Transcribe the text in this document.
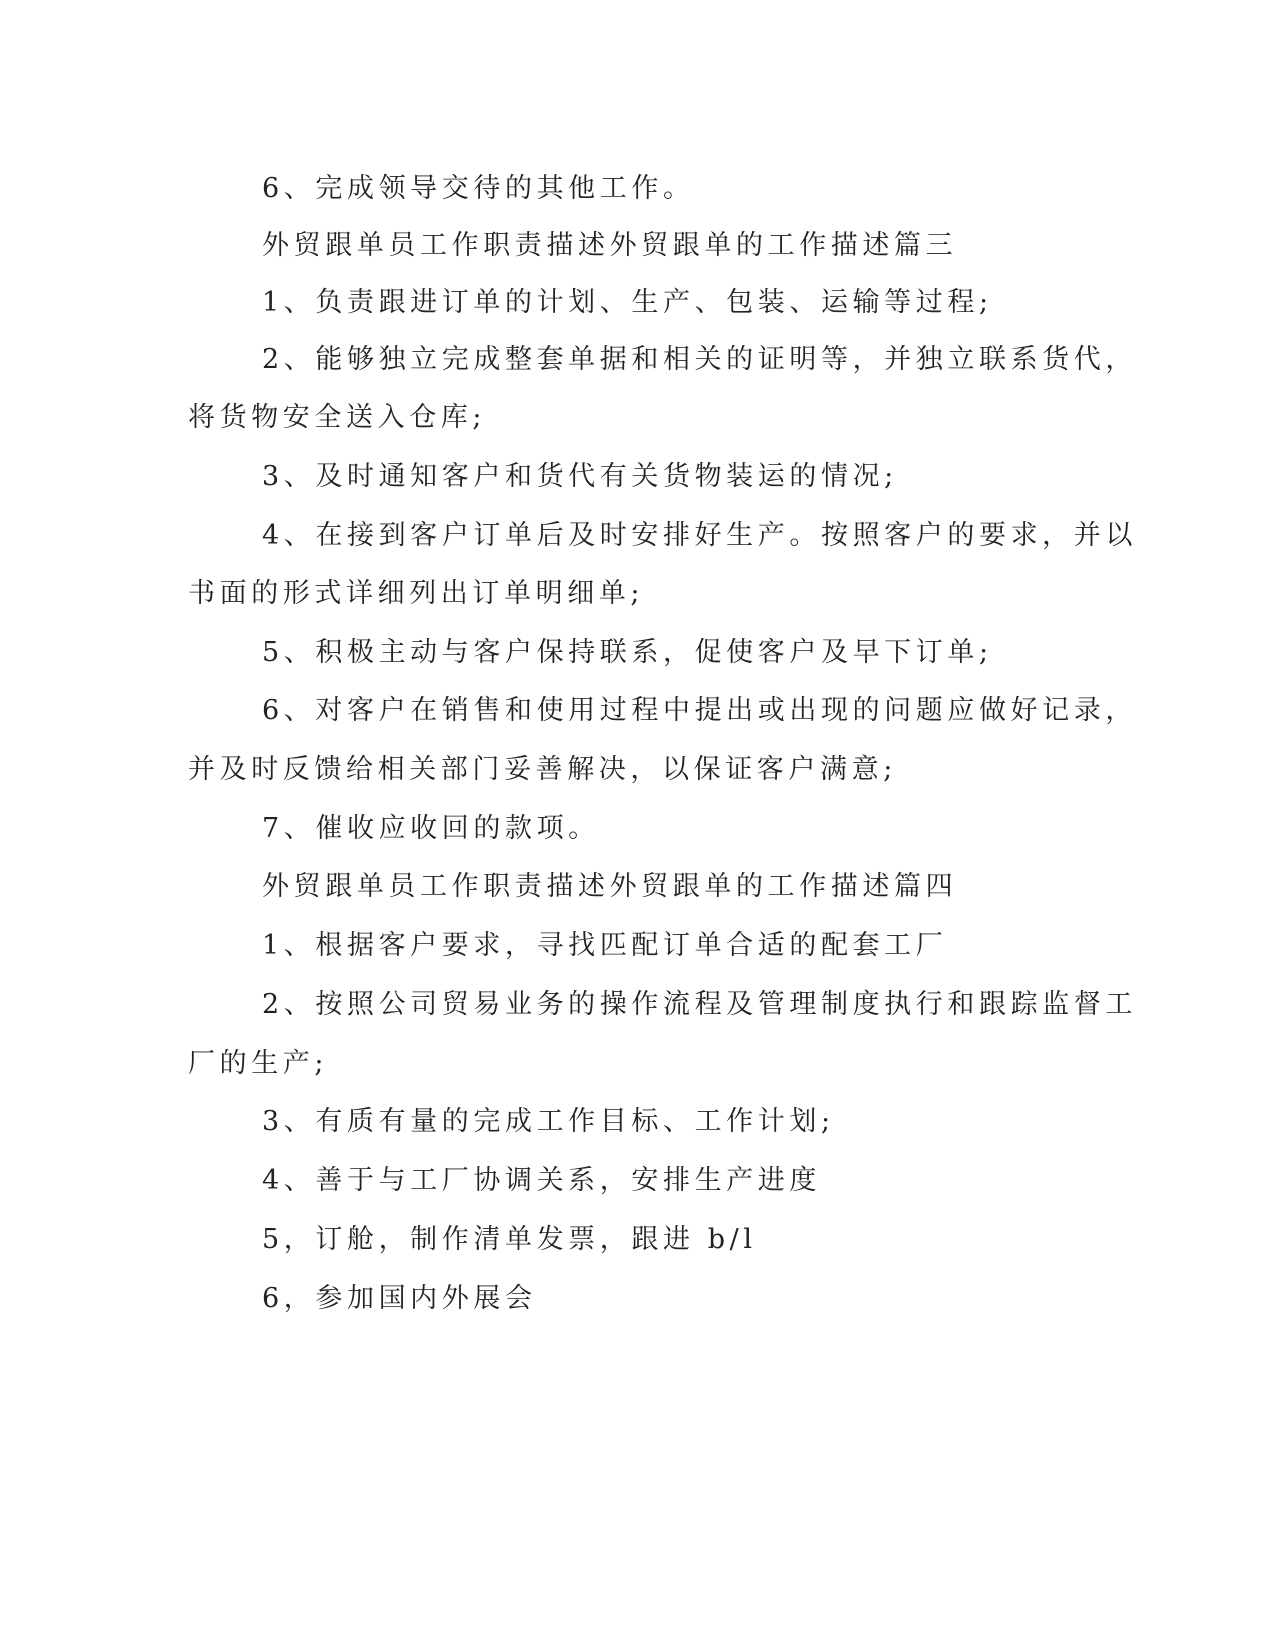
6、完成领导交待的其他工作。
外贸跟单员工作职责描述外贸跟单的工作描述篇三
1、负责跟进订单的计划、生产、包装、运输等过程;
2、能够独立完成整套单据和相关的证明等，并独立联系货代，
将货物安全送入仓库;
3、及时通知客户和货代有关货物装运的情况;
4、在接到客户订单后及时安排好生产。按照客户的要求，并以
书面的形式详细列出订单明细单;
5、积极主动与客户保持联系，促使客户及早下订单;
6、对客户在销售和使用过程中提出或出现的问题应做好记录，
并及时反馈给相关部门妥善解决，以保证客户满意;
7、催收应收回的款项。
外贸跟单员工作职责描述外贸跟单的工作描述篇四
1、根据客户要求，寻找匹配订单合适的配套工厂
2、按照公司贸易业务的操作流程及管理制度执行和跟踪监督工
厂的生产;
3、有质有量的完成工作目标、工作计划;
4、善于与工厂协调关系，安排生产进度
5，订舱，制作清单发票，跟进 b/l
6，参加国内外展会
